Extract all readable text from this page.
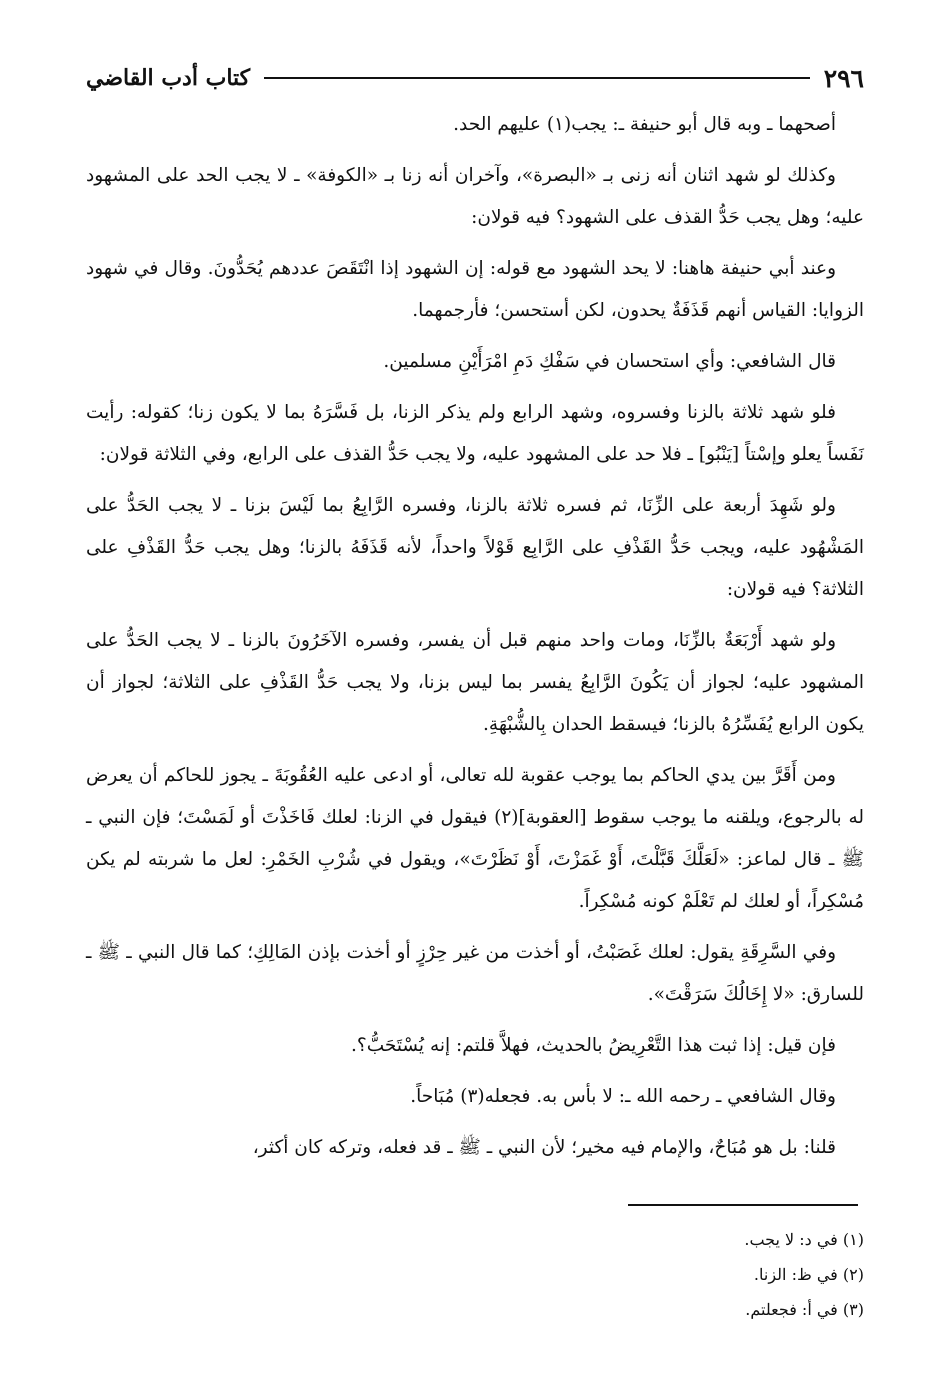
٢٩٦
كتاب أدب القاضي

أصحهما ـ وبه قال أبو حنيفة ـ: يجب(١) عليهم الحد.

وكذلك لو شهد اثنان أنه زنى بـ «البصرة»، وآخران أنه زنا بـ «الكوفة» ـ لا يجب الحد على المشهود عليه؛ وهل يجب حَدُّ القذف على الشهود؟ فيه قولان:

وعند أبي حنيفة هاهنا: لا يحد الشهود مع قوله: إن الشهود إذا انْتَقَصَ عددهم يُحَدُّونَ. وقال في شهود الزوايا: القياس أنهم قَذَفَةٌ يحدون، لكن أستحسن؛ فأرجمهما.

قال الشافعي: وأي استحسان في سَفْكِ دَمِ امْرَأَيْنِ مسلمين.

فلو شهد ثلاثة بالزنا وفسروه، وشهد الرابع ولم يذكر الزنا، بل فَسَّرَهُ بما لا يكون زنا؛ كقوله: رأيت نَفَساً يعلو وإسْتاً [يَنْبُو] ـ فلا حد على المشهود عليه، ولا يجب حَدُّ القذف على الرابع، وفي الثلاثة قولان:

ولو شَهِدَ أربعة على الزِّنَا، ثم فسره ثلاثة بالزنا، وفسره الرَّابِعُ بما لَيْسَ بزنا ـ لا يجب الحَدُّ على المَشْهُود عليه، ويجب حَدُّ القَذْفِ على الرَّابِع قَوْلاً واحداً، لأنه قَذَفَهُ بالزنا؛ وهل يجب حَدُّ القَذْفِ على الثلاثة؟ فيه قولان:

ولو شهد أَرْبَعَةٌ بالزِّنَا، ومات واحد منهم قبل أن يفسر، وفسره الآخَرُونَ بالزنا ـ لا يجب الحَدُّ على المشهود عليه؛ لجواز أن يَكُونَ الرَّابِعُ يفسر بما ليس بزنا، ولا يجب حَدُّ القَذْفِ على الثلاثة؛ لجواز أن يكون الرابع يُفَسِّرُهُ بالزنا؛ فيسقط الحدان بِالشُّبْهَةِ.

ومن أَقَرَّ بين يدي الحاكم بما يوجب عقوبة لله تعالى، أو ادعى عليه العُقُوبَةَ ـ يجوز للحاكم أن يعرض له بالرجوع، ويلقنه ما يوجب سقوط [العقوبة](٢) فيقول في الزنا: لعلك فَاخَذْتَ أو لَمَسْتَ؛ فإن النبي ـ ﷺ ـ قال لماعز: «لَعَلَّكَ قَبَّلْتَ، أَوْ غَمَزْتَ، أَوْ نَظَرْتَ»، ويقول في شُرْبِ الخَمْرِ: لعل ما شربته لم يكن مُسْكِراً، أو لعلك لم تَعْلَمْ كونه مُسْكِراً.

وفي السَّرِقَةِ يقول: لعلك غَصَبْتُ، أو أخذت من غير حِرْزٍ أو أخذت بإذن المَالِكِ؛ كما قال النبي ـ ﷺ ـ للسارق: «لا إِخَالُكَ سَرَقْتَ».

فإن قيل: إذا ثبت هذا التَّعْرِيضُ بالحديث، فهلاَّ قلتم: إنه يُسْتَحَبُّ؟.

وقال الشافعي ـ رحمه الله ـ: لا بأس به. فجعله(٣) مُبَاحاً.

قلنا: بل هو مُبَاحٌ، والإمام فيه مخير؛ لأن النبي ـ ﷺ ـ قد فعله، وتركه كان أكثر،

(١) في د: لا يجب.
(٢) في ظ: الزنا.
(٣) في أ: فجعلتم.
